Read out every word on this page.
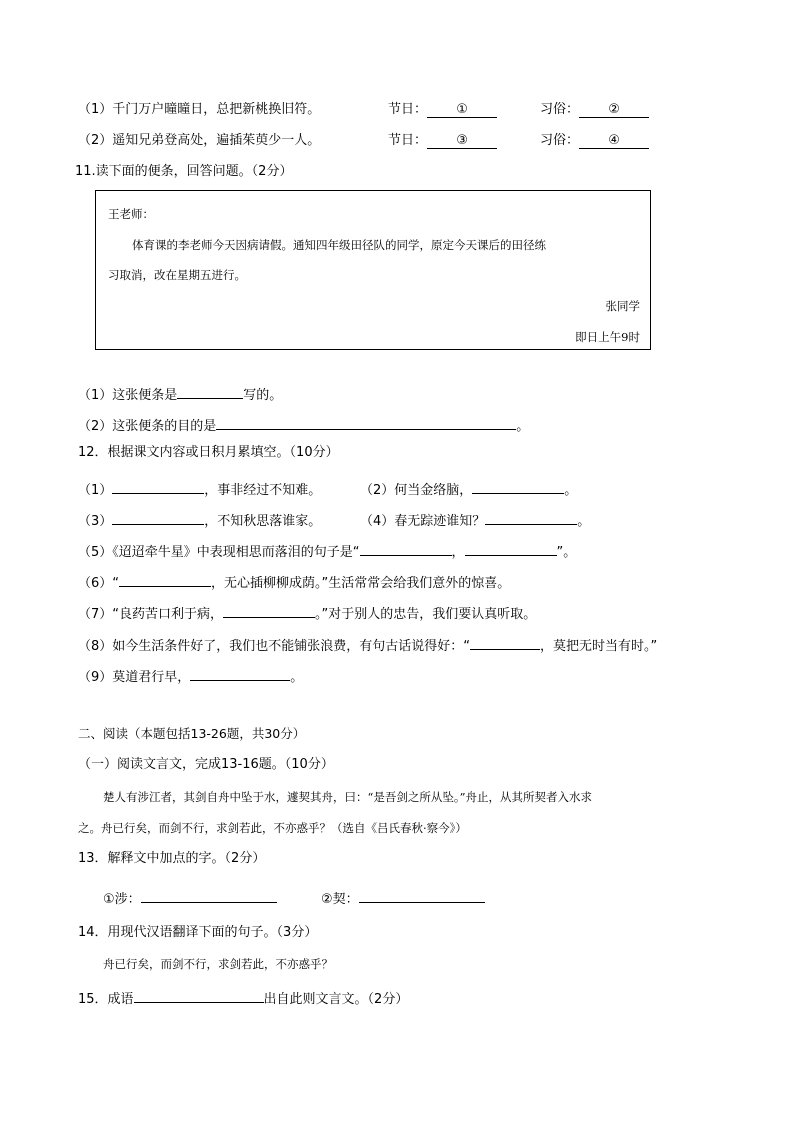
（1）千门万户曈曈日，总把新桃换旧符。	节日： ①	习俗： ②
（2）遥知兄弟登高处，遍插茱萸少一人。	节日： ③	习俗： ④
11.读下面的便条，回答问题。（2分）
王老师：
体育课的李老师今天因病请假。通知四年级田径队的同学，原定今天课后的田径练
习取消，改在星期五进行。
张同学
即日上午9时
（1）这张便条是	写的。
（2）这张便条的目的是	。
12．根据课文内容或日积月累填空。（10分）
（1）	，事非经过不知难。	（2）何当金络脑，	。
（3）	，不知秋思落谁家。	（4）春无踪迹谁知？	。
（5）《迢迢牵牛星》中表现相思而落泪的句子是“	，	”。
（6）“	，无心插柳柳成荫。”生活常常会给我们意外的惊喜。
（7）“良药苦口利于病，	。”对于别人的忠告，我们要认真听取。
（8）如今生活条件好了，我们也不能铺张浪费，有句古话说得好：“	，莫把无时当有时。”
（9）莫道君行早，	。
二、阅读（本题包括13-26题，共30分）
（一）阅读文言文，完成13-16题。（10分）
楚人有涉江者，其剑自舟中坠于水，遽契其舟，曰：“是吾剑之所从坠。”舟止，从其所契者入水求
之。舟已行矣，而剑不行，求剑若此，不亦惑乎？（选自《吕氏春秋·察今》）
13．解释文中加点的字。（2分）
①涉：	②契：
14．用现代汉语翻译下面的句子。（3分）
舟已行矣，而剑不行，求剑若此，不亦惑乎？
15．成语	出自此则文言文。（2分）
